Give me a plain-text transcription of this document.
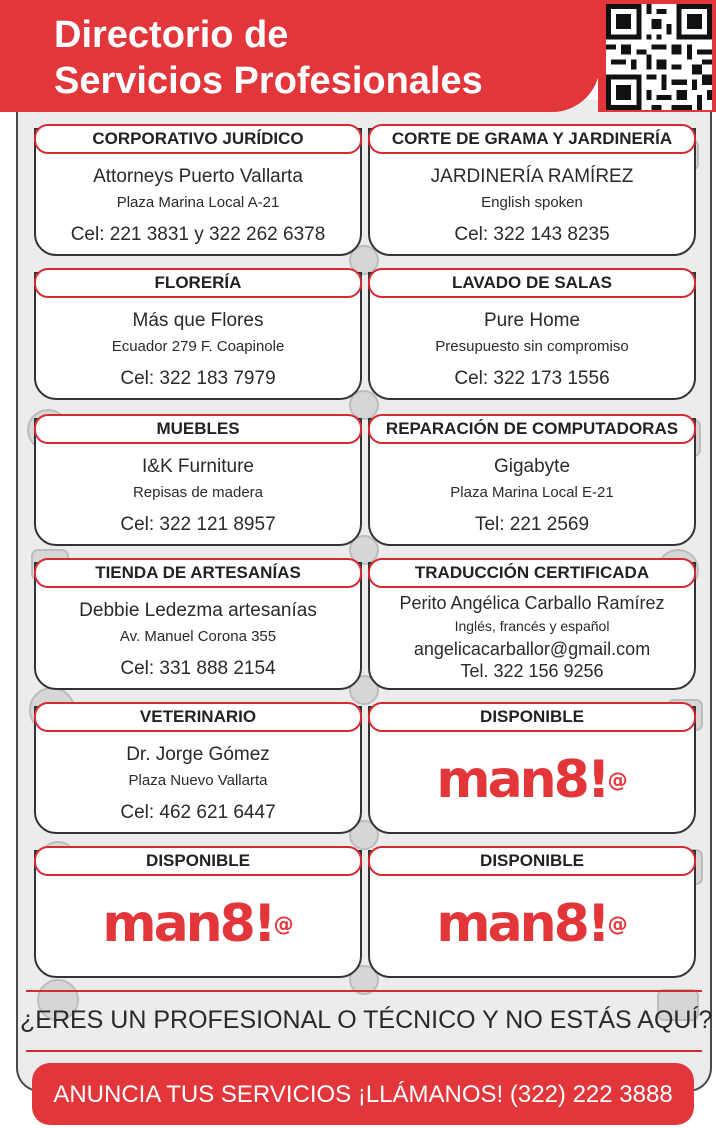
Directorio de
Servicios Profesionales
CORPORATIVO JURÍDICO
Attorneys Puerto Vallarta
Plaza Marina Local A-21
Cel: 221 3831 y 322 262 6378
CORTE DE GRAMA Y JARDINERÍA
JARDINERÍA RAMÍREZ
English spoken
Cel: 322 143 8235
FLORERÍA
Más que Flores
Ecuador 279 F. Coapinole
Cel: 322 183 7979
LAVADO DE SALAS
Pure Home
Presupuesto sin compromiso
Cel: 322 173 1556
MUEBLES
I&K Furniture
Repisas de madera
Cel: 322 121 8957
REPARACIÓN DE COMPUTADORAS
Gigabyte
Plaza Marina Local E-21
Tel: 221 2569
TIENDA DE ARTESANÍAS
Debbie Ledezma artesanías
Av. Manuel Corona 355
Cel: 331 888 2154
TRADUCCIÓN CERTIFICADA
Perito Angélica Carballo Ramírez
Inglés, francés y español
angelicacarballor@gmail.com
Tel. 322 156 9256
VETERINARIO
Dr. Jorge Gómez
Plaza Nuevo Vallarta
Cel: 462 621 6447
DISPONIBLE
man8!@
DISPONIBLE
man8!@
DISPONIBLE
man8!@
¿ERES UN PROFESIONAL O TÉCNICO Y NO ESTÁS AQUÍ?
ANUNCIA TUS SERVICIOS ¡LLÁMANOS! (322) 222 3888
